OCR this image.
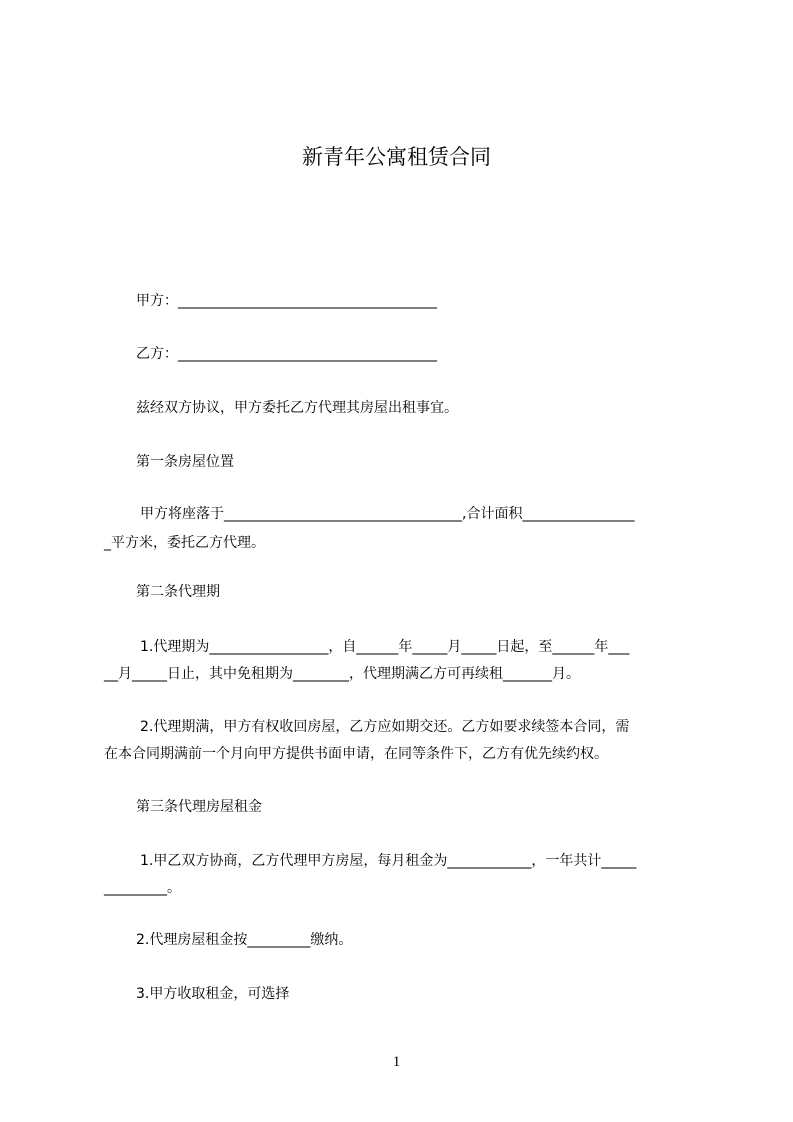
新青年公寓租赁合同
甲方：_____________________________________
乙方：_____________________________________
兹经双方协议，甲方委托乙方代理其房屋出租事宜。
第一条房屋位置
甲方将座落于__________________________________,合计面积________________
_平方米，委托乙方代理。
第二条代理期
1.代理期为_________________，自______年_____月_____日起，至______年___
__月_____日止，其中免租期为________，代理期满乙方可再续租_______月。
2.代理期满，甲方有权收回房屋，乙方应如期交还。乙方如要求续签本合同，需
在本合同期满前一个月向甲方提供书面申请，在同等条件下，乙方有优先续约权。
第三条代理房屋租金
1.甲乙双方协商，乙方代理甲方房屋，每月租金为____________，一年共计_____
_________。
2.代理房屋租金按_________缴纳。
3.甲方收取租金，可选择
1
